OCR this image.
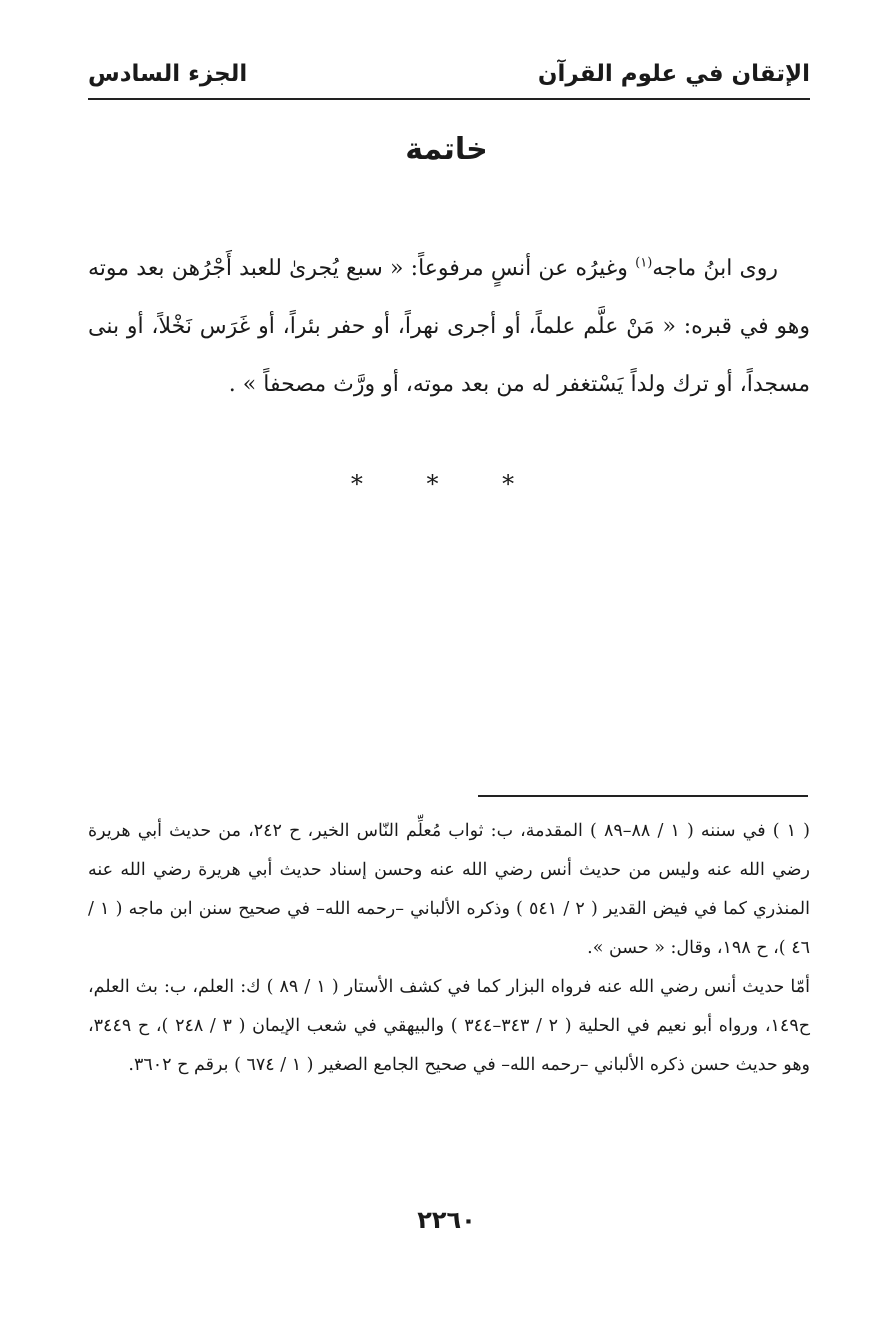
الإتقان في علوم القرآن
الجزء السادس
خاتمة

روى ابنُ ماجه$^{(١)}$ وغيرُه عن أنسٍ مرفوعاً: « سبع يُجرىٰ للعبد أَجْرُهن بعد موته وهو في قبره: « مَنْ علَّم علماً، أو أجرى نهراً، أو حفر بئراً، أو غَرَس نَخْلاً، أو بنى مسجداً، أو ترك ولداً يَسْتغفر له من بعد موته، أو ورَّث مصحفاً » .

* * *

( ١ ) في سننه ( ١ / ٨٨–٨٩ ) المقدمة، ب: ثواب مُعلِّم النّاس الخير، ح ٢٤٢، من حديث أبي هريرة رضي الله عنه وليس من حديث أنس رضي الله عنه وحسن إسناد حديث أبي هريرة رضي الله عنه المنذري كما في فيض القدير ( ٢ / ٥٤١ ) وذكره الألباني –رحمه الله– في صحيح سنن ابن ماجه ( ١ / ٤٦ )، ح ١٩٨، وقال: « حسن ».

أمّا حديث أنس رضي الله عنه فرواه البزار كما في كشف الأستار ( ١ / ٨٩ ) ك: العلم، ب: بث العلم، ح١٤٩، ورواه أبو نعيم في الحلية ( ٢ / ٣٤٣–٣٤٤ ) والبيهقي في شعب الإيمان ( ٣ / ٢٤٨ )، ح ٣٤٤٩، وهو حديث حسن ذكره الألباني –رحمه الله– في صحيح الجامع الصغير ( ١ / ٦٧٤ ) برقم ح ٣٦٠٢.

٢٢٦٠
